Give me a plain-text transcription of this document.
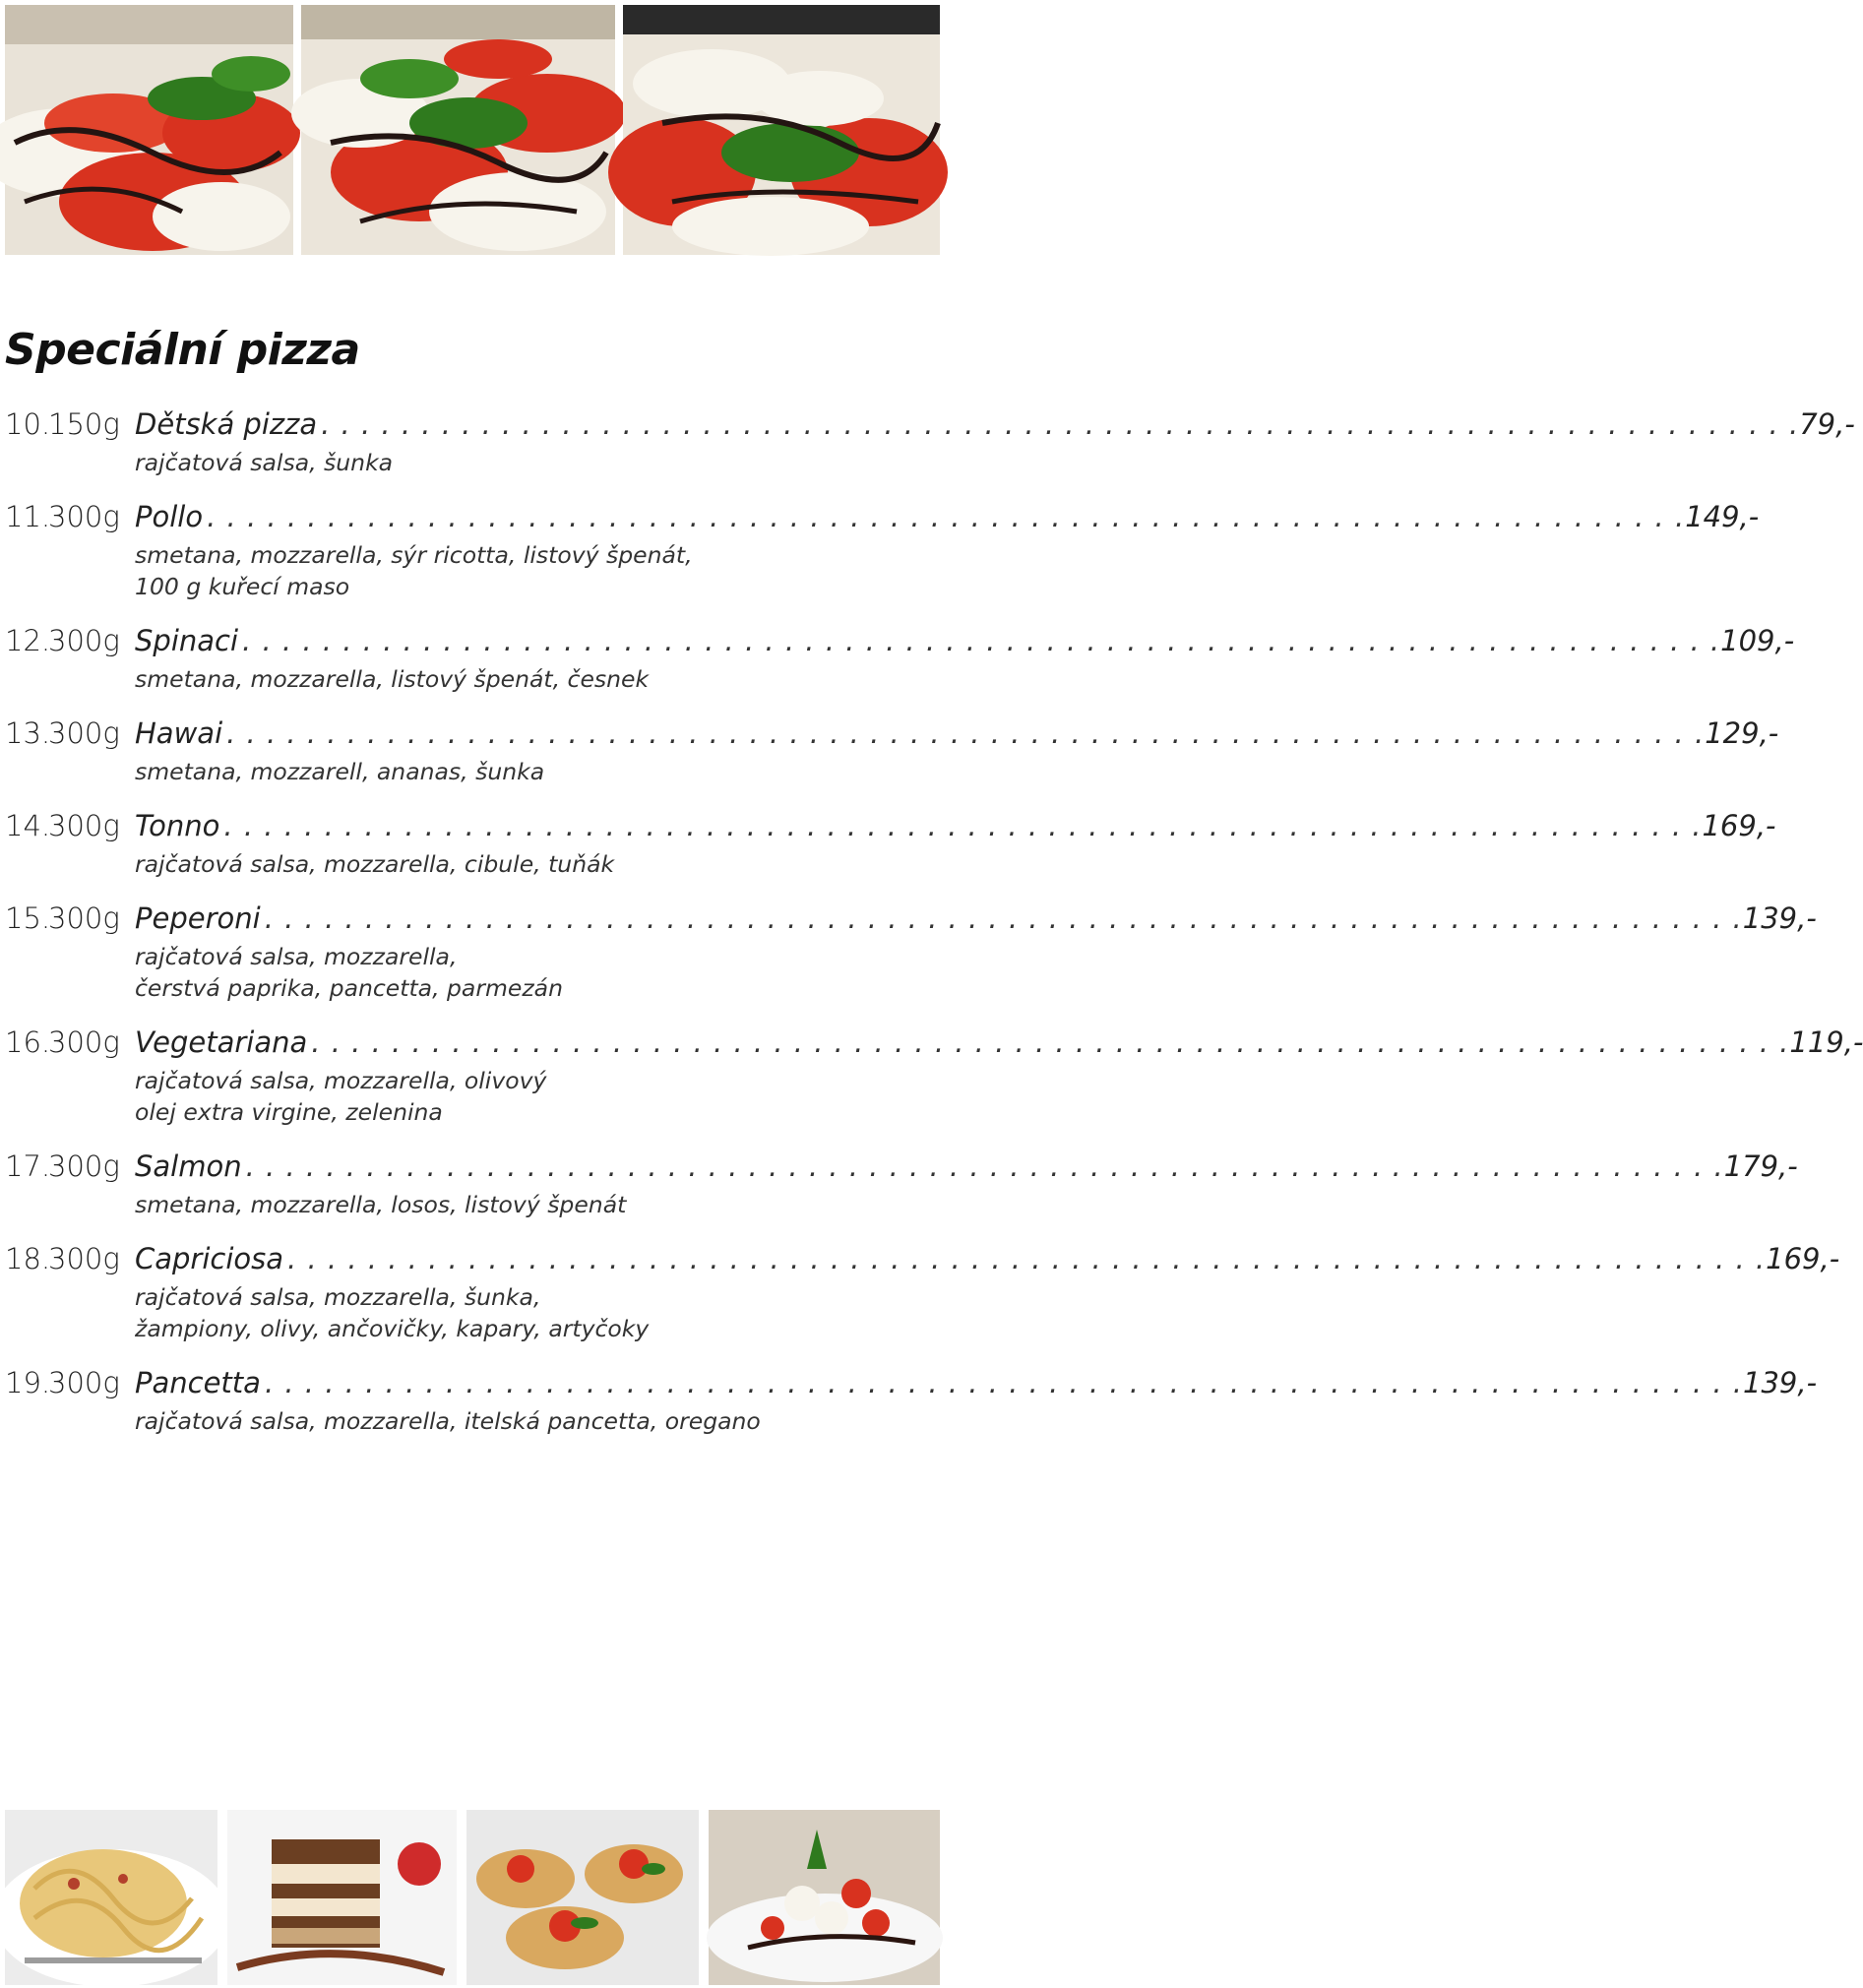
Speciální pizza
10.
150g Dětská pizza . . . . . . . . . . . . . . . . . . . . . . . . . . . . . . . . . . . . . . . . . . . . . . . . . . . . . . . . . . . . . . . . . . . . . . . . . . 79,-
rajčatová salsa, šunka
11.
300g Pollo . . . . . . . . . . . . . . . . . . . . . . . . . . . . . . . . . . . . . . . . . . . . . . . . . . . . . . . . . . . . . . . . . . . . . . . . . . 149,-
smetana, mozzarella, sýr ricotta, listový špenát,
100 g kuřecí maso
12.
300g Spinaci . . . . . . . . . . . . . . . . . . . . . . . . . . . . . . . . . . . . . . . . . . . . . . . . . . . . . . . . . . . . . . . . . . . . . . . . . . 109,-
smetana, mozzarella, listový špenát, česnek
13.
300g Hawai . . . . . . . . . . . . . . . . . . . . . . . . . . . . . . . . . . . . . . . . . . . . . . . . . . . . . . . . . . . . . . . . . . . . . . . . . . 129,-
smetana, mozzarell, ananas, šunka
14.
300g Tonno . . . . . . . . . . . . . . . . . . . . . . . . . . . . . . . . . . . . . . . . . . . . . . . . . . . . . . . . . . . . . . . . . . . . . . . . . . 169,-
rajčatová salsa, mozzarella, cibule, tuňák
15.
300g Peperoni . . . . . . . . . . . . . . . . . . . . . . . . . . . . . . . . . . . . . . . . . . . . . . . . . . . . . . . . . . . . . . . . . . . . . . . . . . 139,-
rajčatová salsa, mozzarella,
čerstvá paprika, pancetta, parmezán
16.
300g Vegetariana . . . . . . . . . . . . . . . . . . . . . . . . . . . . . . . . . . . . . . . . . . . . . . . . . . . . . . . . . . . . . . . . . . . . . . . . . . 119,-
rajčatová salsa, mozzarella, olivový
olej extra virgine, zelenina
17.
300g Salmon . . . . . . . . . . . . . . . . . . . . . . . . . . . . . . . . . . . . . . . . . . . . . . . . . . . . . . . . . . . . . . . . . . . . . . . . . . 179,-
smetana, mozzarella, losos, listový špenát
18.
300g Capriciosa . . . . . . . . . . . . . . . . . . . . . . . . . . . . . . . . . . . . . . . . . . . . . . . . . . . . . . . . . . . . . . . . . . . . . . . . . . 169,-
rajčatová salsa, mozzarella, šunka,
žampiony, olivy, ančovičky, kapary, artyčoky
19.
300g Pancetta . . . . . . . . . . . . . . . . . . . . . . . . . . . . . . . . . . . . . . . . . . . . . . . . . . . . . . . . . . . . . . . . . . . . . . . . . . 139,-
rajčatová salsa, mozzarella, itelská pancetta, oregano
